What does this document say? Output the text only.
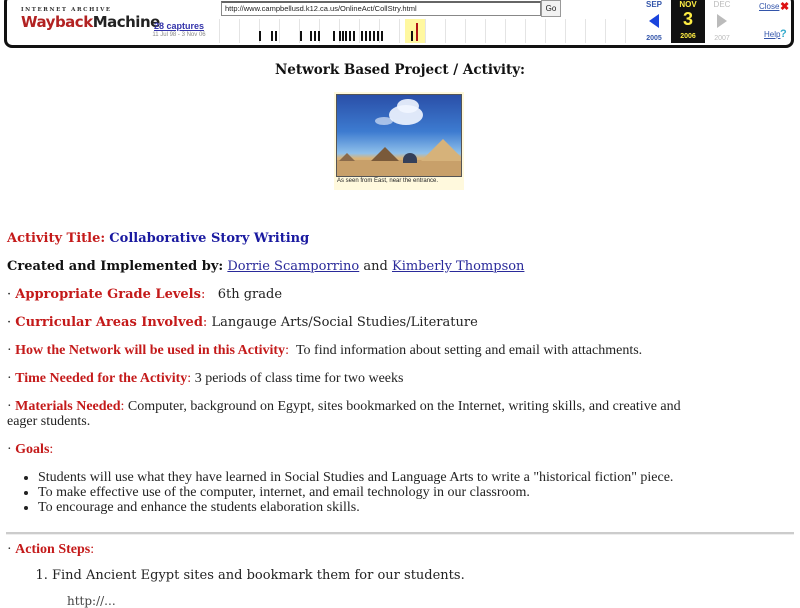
INTERNET ARCHIVE
WaybackMachine
28 captures
11 Jul 98 - 3 Nov 06
http://www.campbellusd.k12.ca.us/OnlineAct/CollStry.html	Go	SEP
2005
NOV
3
2006
DEC
2007
Close ✖
Help ?
Network Based Project / Activity:
As seen from East, near the entrance.
Activity Title: Collaborative Story Writing
Created and Implemented by: Dorrie Scamporrino and Kimberly Thompson
· Appropriate Grade Levels: 6th grade
· Curricular Areas Involved: Langauge Arts/Social Studies/Literature
· How the Network will be used in this Activity: To find information about setting and email with attachments.
· Time Needed for the Activity: 3 periods of class time for two weeks
· Materials Needed: Computer, background on Egypt, sites bookmarked on the Internet, writing skills, and creative and
eager students.
· Goals:
• Students will use what they have learned in Social Studies and Language Arts to write a "historical fiction" piece.
• To make effective use of the computer, internet, and email technology in our classroom.
• To encourage and enhance the students elaboration skills.
· Action Steps:
1. Find Ancient Egypt sites and bookmark them for our students.
http://...
